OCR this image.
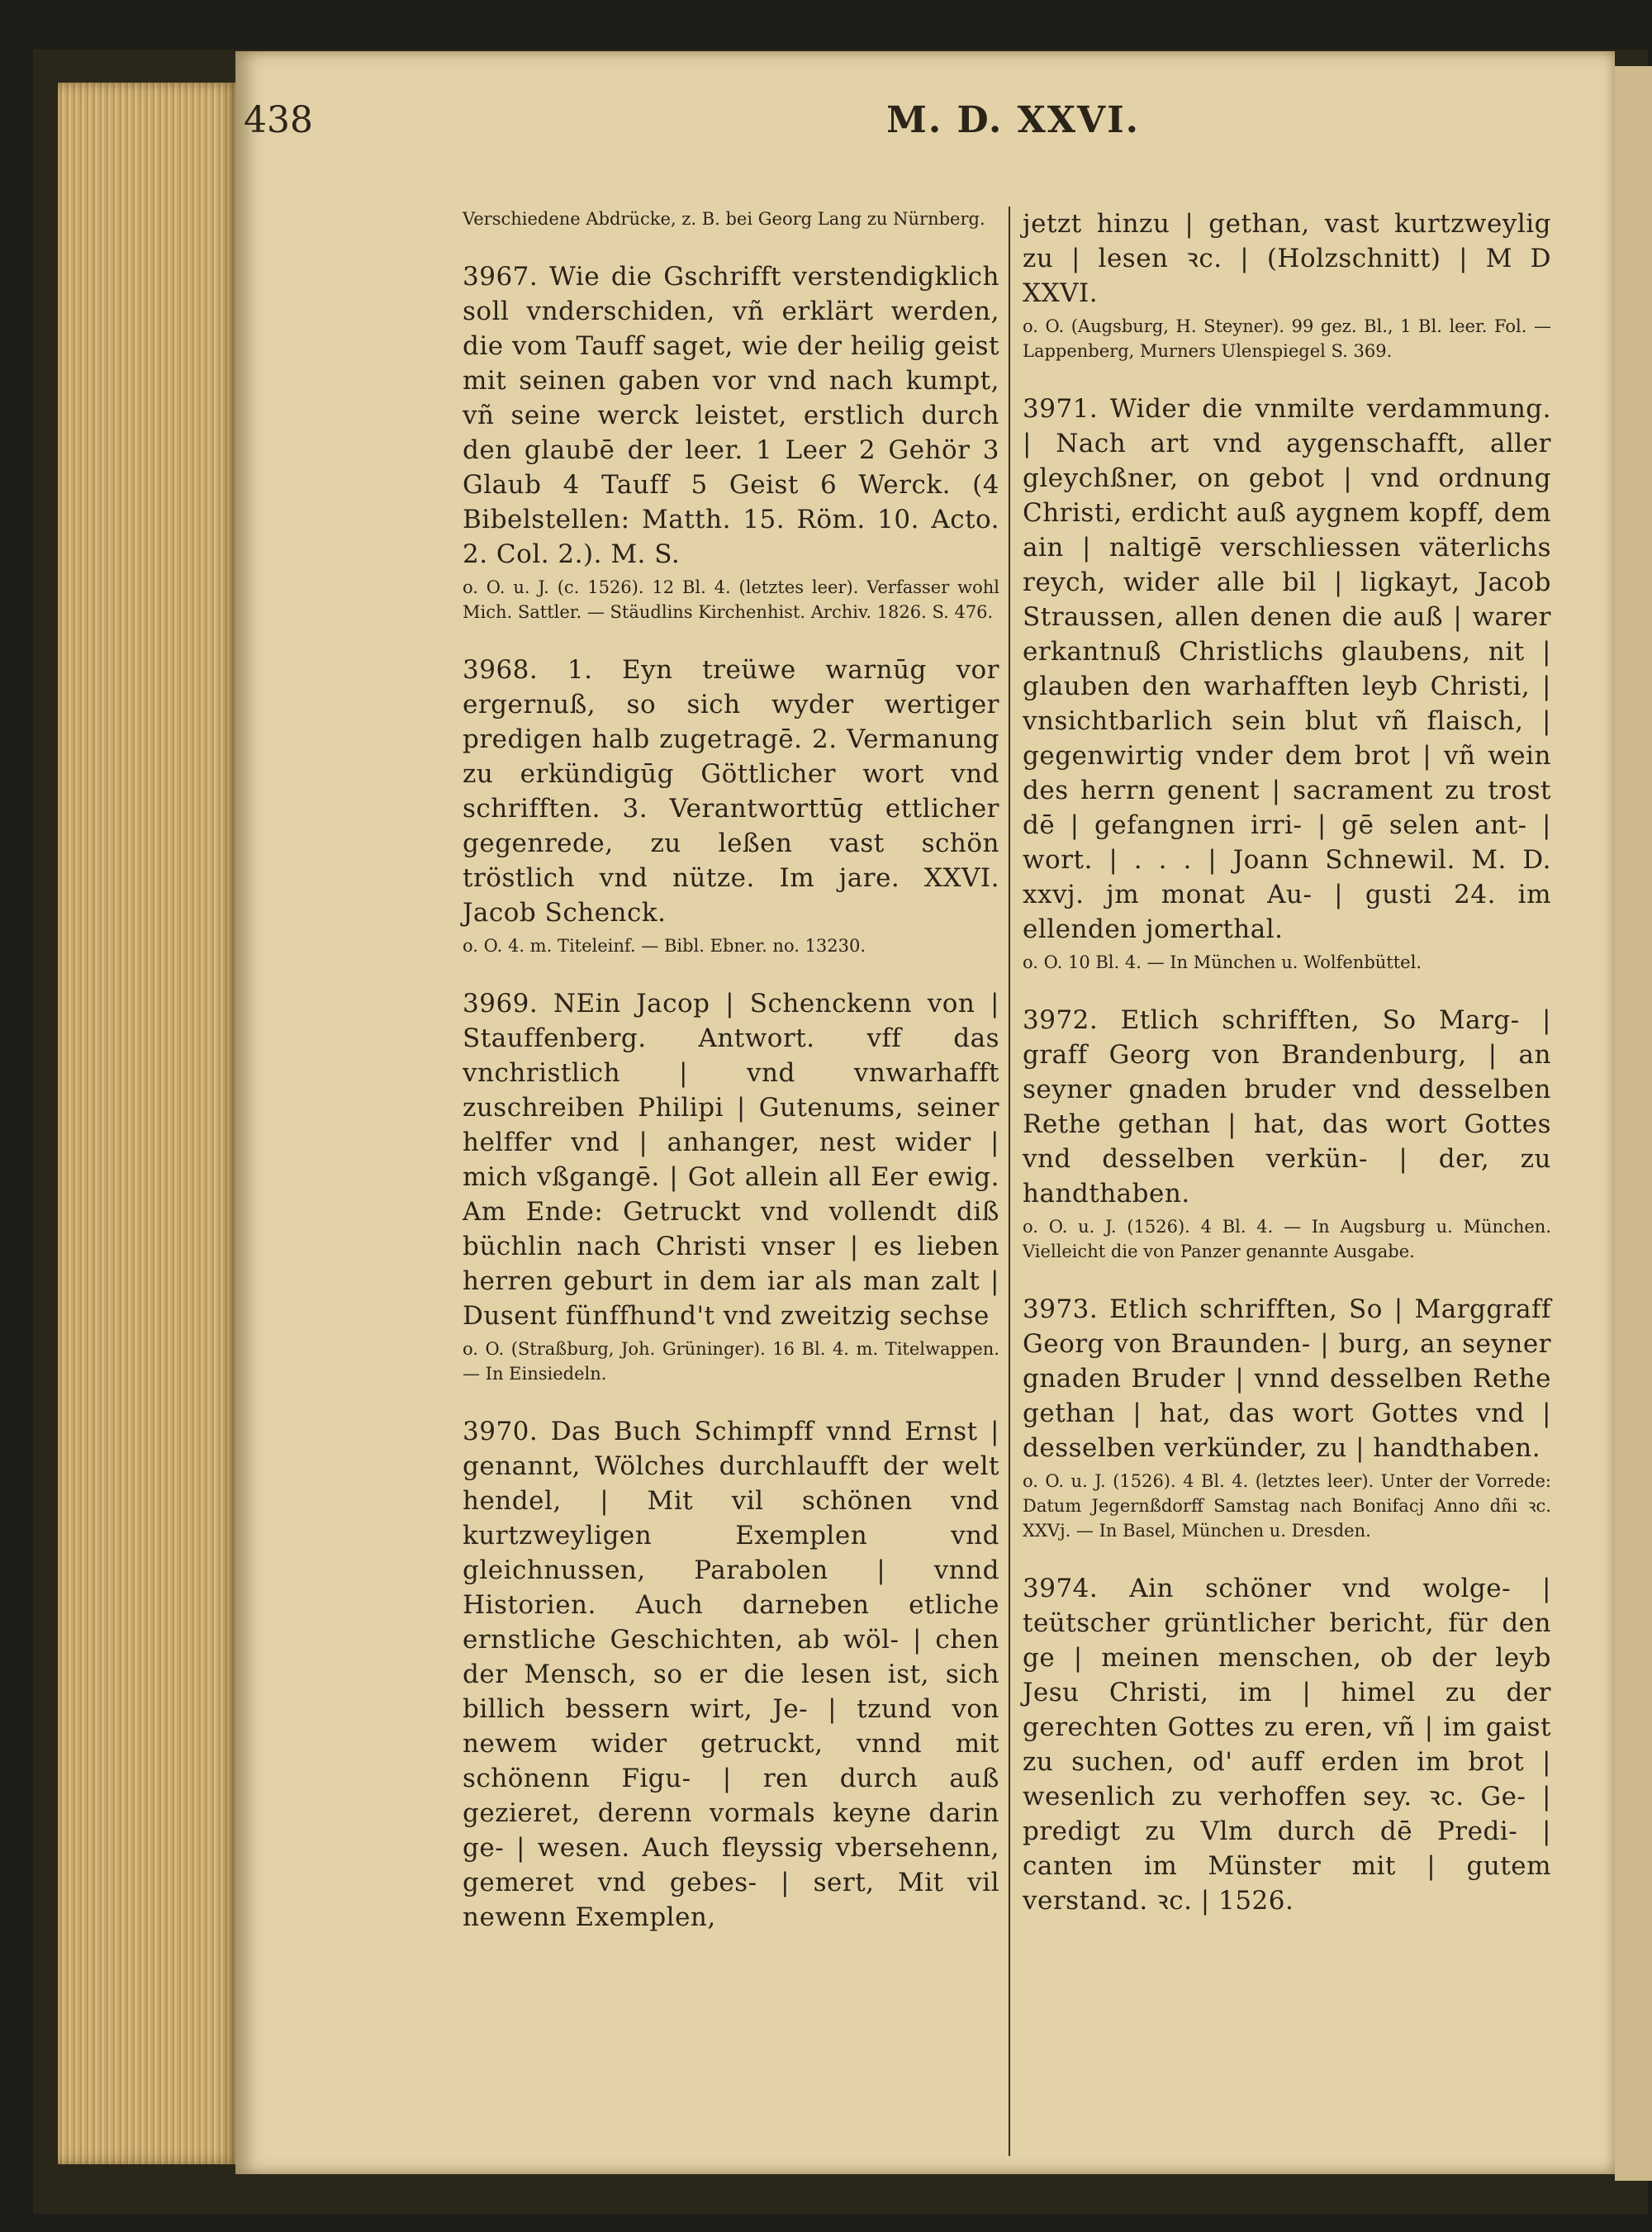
438	M. D. XXVI.

Verschiedene Abdrücke, z. B. bei Georg Lang zu Nürnberg.

3967. Wie die Gschrifft verstendigklich soll vnderschiden, vñ erklärt werden, die vom Tauff saget, wie der heilig geist mit seinen gaben vor vnd nach kumpt, vñ seine werck leistet, erstlich durch den glaubē der leer. 1 Leer 2 Gehör 3 Glaub 4 Tauff 5 Geist 6 Werck. (4 Bibelstellen: Matth. 15. Röm. 10. Acto. 2. Col. 2.). M. S.

o. O. u. J. (c. 1526). 12 Bl. 4. (letztes leer). Verfasser wohl Mich. Sattler. — Stäudlins Kirchenhist. Archiv. 1826. S. 476.

3968. 1. Eyn treüwe warnūg vor ergernuß, so sich wyder wertiger predigen halb zugetragē. 2. Vermanung zu erkündigūg Göttlicher wort vnd schrifften. 3. Verantworttūg ettlicher gegenrede, zu leßen vast schön tröstlich vnd nütze. Im jare. XXVI. Jacob Schenck.

o. O. 4. m. Titeleinf. — Bibl. Ebner. no. 13230.

3969. NEin Jacop | Schenckenn von | Stauffenberg. Antwort. vff das vnchristlich | vnd vnwarhafft zuschreiben Philipi | Gutenums, seiner helffer vnd | anhanger, nest wider | mich vßgangē. | Got allein all Eer ewig. Am Ende: Getruckt vnd vollendt diß büchlin nach Christi vnser | es lieben herren geburt in dem iar als man zalt | Dusent fünffhund't vnd zweitzig sechse

o. O. (Straßburg, Joh. Grüninger). 16 Bl. 4. m. Titelwappen. — In Einsiedeln.

3970. Das Buch Schimpff vnnd Ernst | genannt, Wölches durchlaufft der welt hendel, | Mit vil schönen vnd kurtzweyligen Exemplen vnd gleichnussen, Parabolen | vnnd Historien. Auch darneben etliche ernstliche Geschichten, ab wöl- | chen der Mensch, so er die lesen ist, sich billich bessern wirt, Je- | tzund von newem wider getruckt, vnnd mit schönenn Figu- | ren durch auß gezieret, derenn vormals keyne darin ge- | wesen. Auch fleyssig vbersehenn, gemeret vnd gebes- | sert, Mit vil newenn Exemplen,

jetzt hinzu | gethan, vast kurtzweylig zu | lesen ꝛc. | (Holzschnitt) | M D XXVI.

o. O. (Augsburg, H. Steyner). 99 gez. Bl., 1 Bl. leer. Fol. — Lappenberg, Murners Ulenspiegel S. 369.

3971. Wider die vnmilte verdammung. | Nach art vnd aygenschafft, aller gleychßner, on gebot | vnd ordnung Christi, erdicht auß aygnem kopff, dem ain | naltigē verschliessen väterlichs reych, wider alle bil | ligkayt, Jacob Straussen, allen denen die auß | warer erkantnuß Christlichs glaubens, nit | glauben den warhafften leyb Christi, | vnsichtbarlich sein blut vñ flaisch, | gegenwirtig vnder dem brot | vñ wein des herrn genent | sacrament zu trost dē | gefangnen irri- | gē selen ant- | wort. | . . . | Joann Schnewil. M. D. xxvj. jm monat Au- | gusti 24. im ellenden jomerthal.

o. O. 10 Bl. 4. — In München u. Wolfenbüttel.

3972. Etlich schrifften, So Marg- | graff Georg von Brandenburg, | an seyner gnaden bruder vnd desselben Rethe gethan | hat, das wort Gottes vnd desselben verkün- | der, zu handthaben.

o. O. u. J. (1526). 4 Bl. 4. — In Augsburg u. München. Vielleicht die von Panzer genannte Ausgabe.

3973. Etlich schrifften, So | Marggraff Georg von Braunden- | burg, an seyner gnaden Bruder | vnnd desselben Rethe gethan | hat, das wort Gottes vnd | desselben verkünder, zu | handthaben.

o. O. u. J. (1526). 4 Bl. 4. (letztes leer). Unter der Vorrede: Datum Jegernßdorff Samstag nach Bonifacj Anno dñi ꝛc. XXVj. — In Basel, München u. Dresden.

3974. Ain schöner vnd wolge- | teütscher grüntlicher bericht, für den ge | meinen menschen, ob der leyb Jesu Christi, im | himel zu der gerechten Gottes zu eren, vñ | im gaist zu suchen, od' auff erden im brot | wesenlich zu verhoffen sey. ꝛc. Ge- | predigt zu Vlm durch dē Predi- | canten im Münster mit | gutem verstand. ꝛc. | 1526.
